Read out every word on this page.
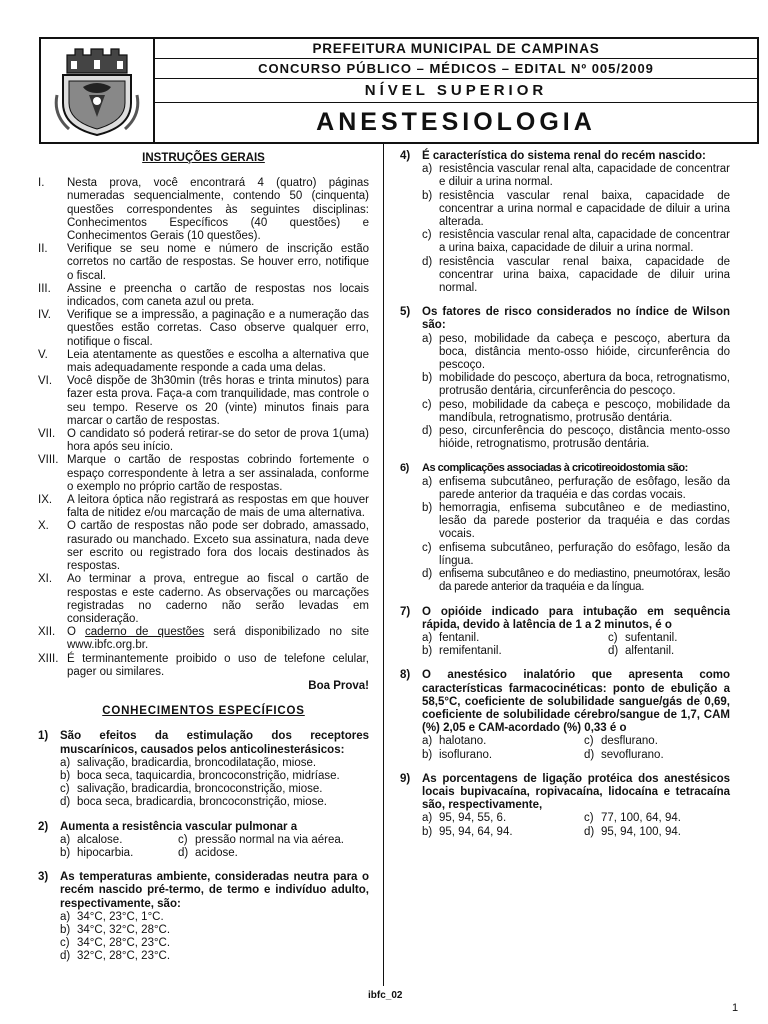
PREFEITURA MUNICIPAL DE CAMPINAS
CONCURSO PÚBLICO – MÉDICOS – EDITAL Nº 005/2009
NÍVEL SUPERIOR
ANESTESIOLOGIA
INSTRUÇÕES GERAIS
I.	Nesta prova, você encontrará 4 (quatro) páginas numeradas sequencialmente, contendo 50 (cinquenta) questões correspondentes às seguintes disciplinas: Conhecimentos Específicos (40 questões) e Conhecimentos Gerais (10 questões).
II.	Verifique se seu nome e número de inscrição estão corretos no cartão de respostas. Se houver erro, notifique o fiscal.
III.	Assine e preencha o cartão de respostas nos locais indicados, com caneta azul ou preta.
IV.	Verifique se a impressão, a paginação e a numeração das questões estão corretas. Caso observe qualquer erro, notifique o fiscal.
V.	Leia atentamente as questões e escolha a alternativa que mais adequadamente responde a cada uma delas.
VI.	Você dispõe de 3h30min (três horas e trinta minutos) para fazer esta prova. Faça-a com tranquilidade, mas controle o seu tempo. Reserve os 20 (vinte) minutos finais para marcar o cartão de respostas.
VII.	O candidato só poderá retirar-se do setor de prova 1(uma) hora após seu início.
VIII. Marque o cartão de respostas cobrindo fortemente o espaço correspondente à letra a ser assinalada, conforme o exemplo no próprio cartão de respostas.
IX.	A leitora óptica não registrará as respostas em que houver falta de nitidez e/ou marcação de mais de uma alternativa.
X.	O cartão de respostas não pode ser dobrado, amassado, rasurado ou manchado. Exceto sua assinatura, nada deve ser escrito ou registrado fora dos locais destinados às respostas.
XI.	Ao terminar a prova, entregue ao fiscal o cartão de respostas e este caderno. As observações ou marcações registradas no caderno não serão levadas em consideração.
XII.	O caderno de questões será disponibilizado no site www.ibfc.org.br.
XIII. É terminantemente proibido o uso de telefone celular, pager ou similares.
Boa Prova!
CONHECIMENTOS ESPECÍFICOS
1)	São efeitos da estimulação dos receptores muscarínicos, causados pelos anticolinesterásicos:
a) salivação, bradicardia, broncodilatação, miose.
b) boca seca, taquicardia, broncoconstrição, midríase.
c) salivação, bradicardia, broncoconstrição, miose.
d) boca seca, bradicardia, broncoconstrição, miose.
2)	Aumenta a resistência vascular pulmonar a
a) alcalose.	c) pressão normal na via aérea.
b) hipocarbia.	d) acidose.
3)	As temperaturas ambiente, consideradas neutra para o recém nascido pré-termo, de termo e indivíduo adulto, respectivamente, são:
a) 34°C, 23°C, 1°C.
b) 34°C, 32°C, 28°C.
c) 34°C, 28°C, 23°C.
d) 32°C, 28°C, 23°C.
4)	É característica do sistema renal do recém nascido:
a) resistência vascular renal alta, capacidade de concentrar e diluir a urina normal.
b) resistência vascular renal baixa, capacidade de concentrar a urina normal e capacidade de diluir a urina alterada.
c) resistência vascular renal alta, capacidade de concentrar a urina baixa, capacidade de diluir a urina normal.
d) resistência vascular renal baixa, capacidade de concentrar urina baixa, capacidade de diluir urina normal.
5)	Os fatores de risco considerados no índice de Wilson são:
a) peso, mobilidade da cabeça e pescoço, abertura da boca, distância mento-osso hióide, circunferência do pescoço.
b) mobilidade do pescoço, abertura da boca, retrognatismo, protrusão dentária, circunferência do pescoço.
c) peso, mobilidade da cabeça e pescoço, mobilidade da mandíbula, retrognatismo, protrusão dentária.
d) peso, circunferência do pescoço, distância mento-osso hióide, retrognatismo, protrusão dentária.
6)	As complicações associadas à cricotireoidostomia são:
a) enfisema subcutâneo, perfuração de esôfago, lesão da parede anterior da traquéia e das cordas vocais.
b) hemorragia, enfisema subcutâneo e de mediastino, lesão da parede posterior da traquéia e das cordas vocais.
c) enfisema subcutâneo, perfuração do esôfago, lesão da língua.
d) enfisema subcutâneo e do mediastino, pneumotórax, lesão da parede anterior da traquéia e da língua.
7)	O opióide indicado para intubação em sequência rápida, devido à latência de 1 a 2 minutos, é o
a) fentanil.	c) sufentanil.
b) remifentanil.	d) alfentanil.
8)	O anestésico inalatório que apresenta como características farmacocinéticas: ponto de ebulição a 58,5°C, coeficiente de solubilidade sangue/gás de 0,69, coeficiente de solubilidade cérebro/sangue de 1,7, CAM (%) 2,05 e CAM-acordado (%) 0,33 é o
a) halotano.	c) desflurano.
b) isoflurano.	d) sevoflurano.
9)	As porcentagens de ligação protéica dos anestésicos locais bupivacaína, ropivacaína, lidocaína e tetracaína são, respectivamente,
a) 95, 94, 55, 6.	c) 77, 100, 64, 94.
b) 95, 94, 64, 94.	d) 95, 94, 100, 94.
ibfc_02
1
